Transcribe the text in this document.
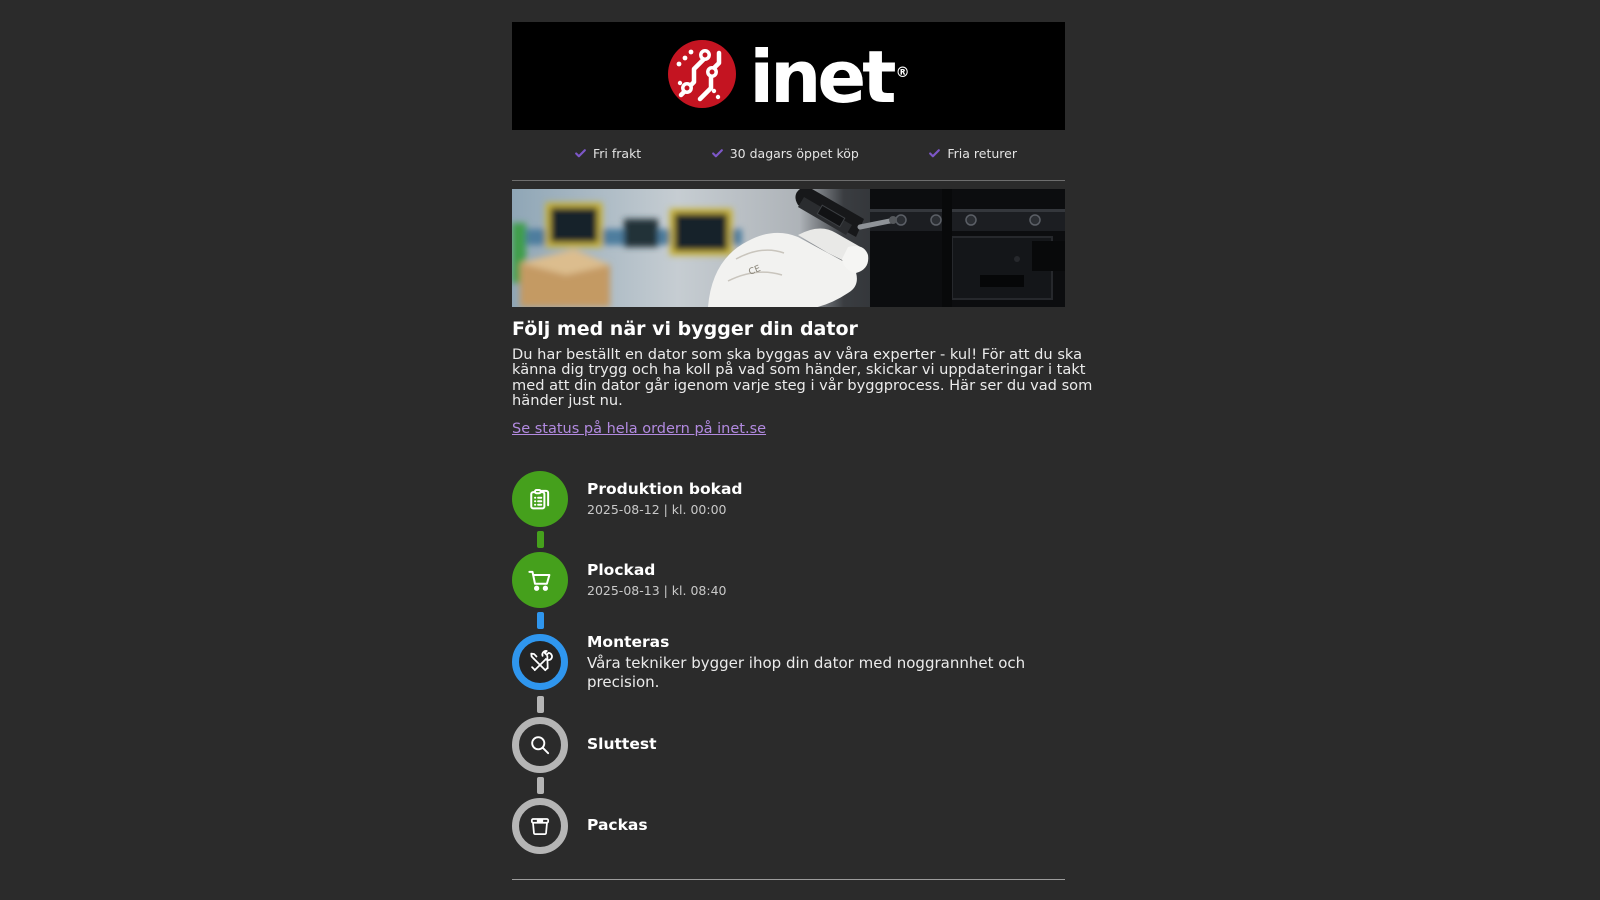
inet ®
Fri frakt	30 dagars öppet köp	Fria returer
CE
Följ med när vi bygger din dator
Du har beställt en dator som ska byggas av våra experter - kul! För att du ska
känna dig trygg och ha koll på vad som händer, skickar vi uppdateringar i takt
med att din dator går igenom varje steg i vår byggprocess. Här ser du vad som
händer just nu.
Se status på hela ordern på inet.se
Produktion bokad
2025-08-12 | kl. 00:00
Plockad
2025-08-13 | kl. 08:40
Monteras
Våra tekniker bygger ihop din dator med noggrannhet och precision.
Sluttest
Packas
